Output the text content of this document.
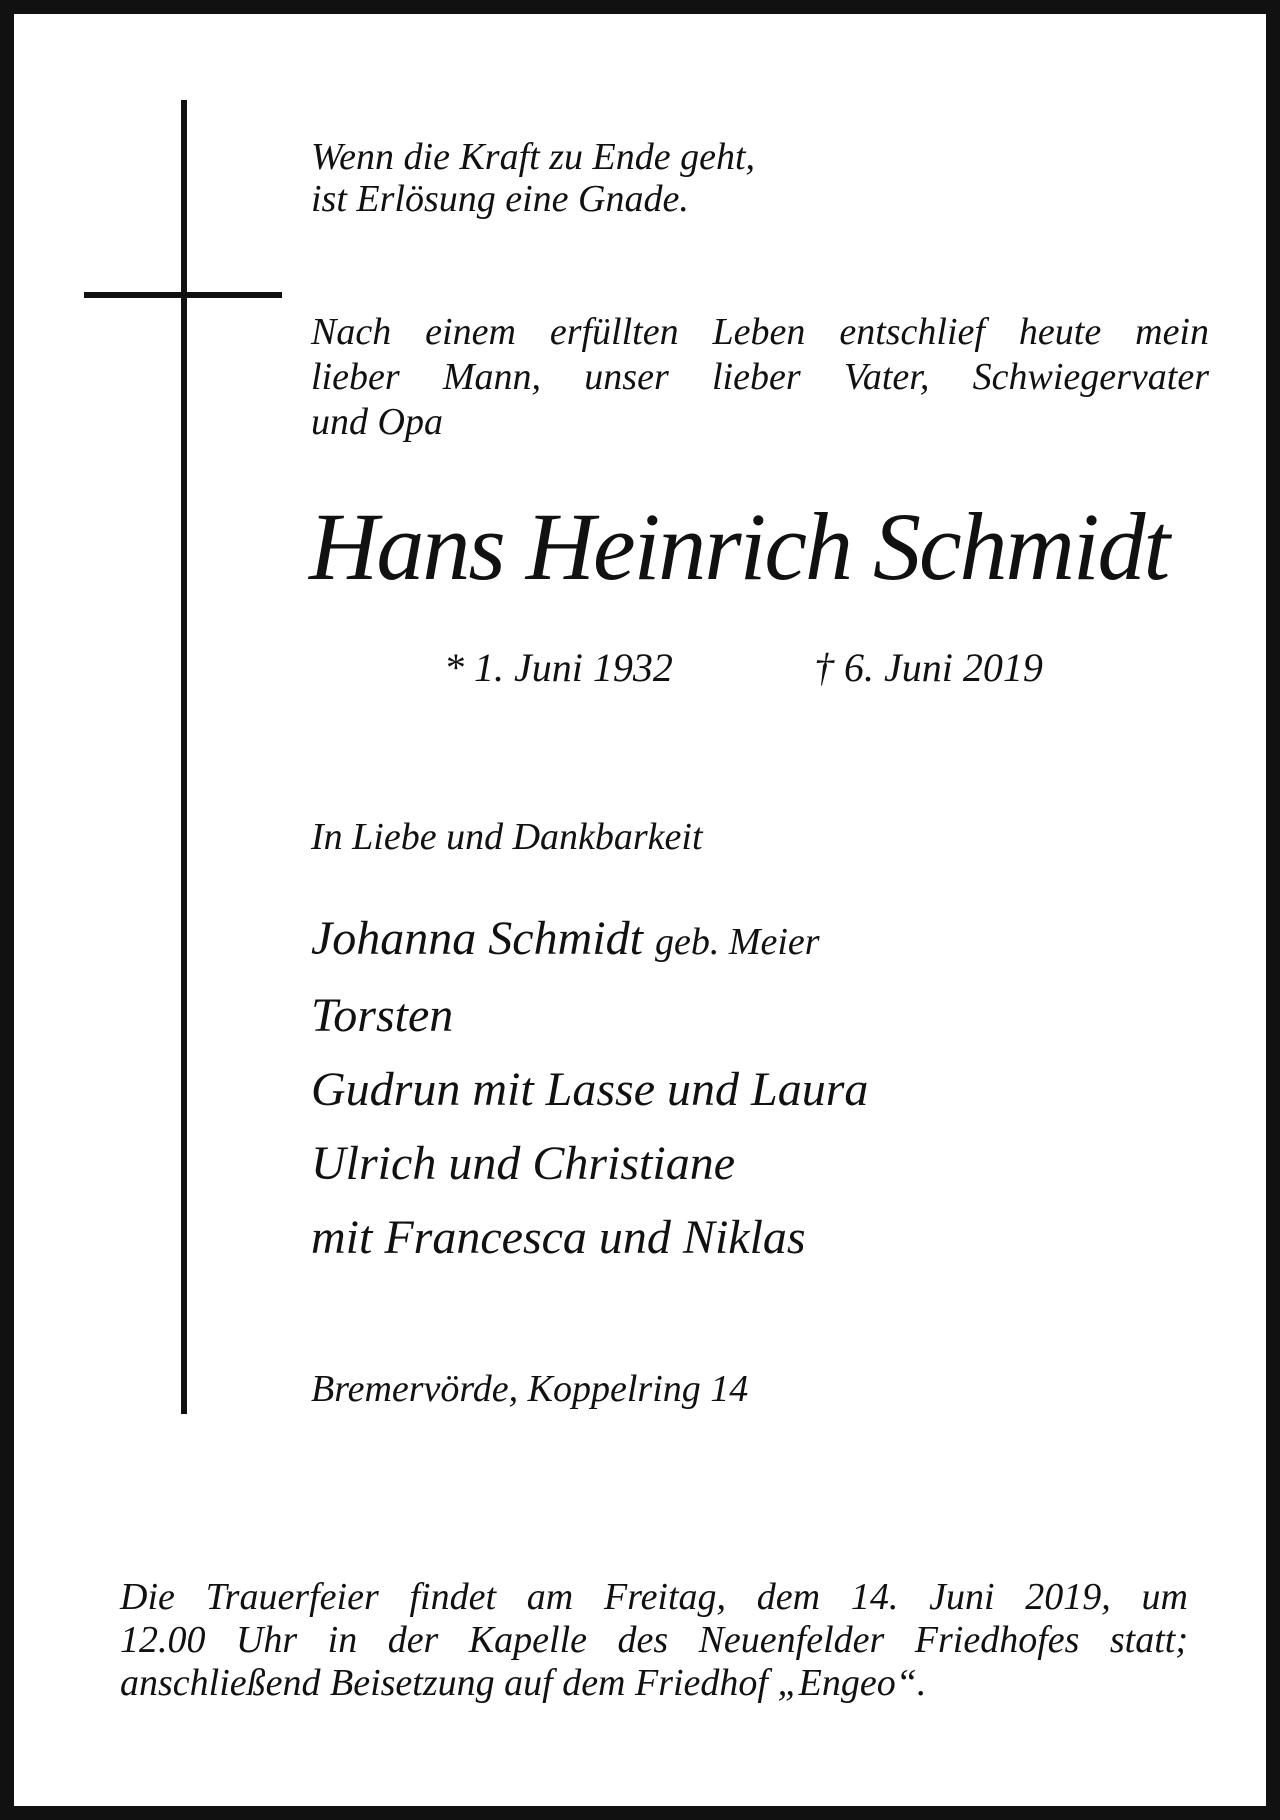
Wenn die Kraft zu Ende geht,
ist Erlösung eine Gnade.
Nach einem erfüllten Leben entschlief heute mein
lieber Mann, unser lieber Vater, Schwiegervater
und Opa
Hans Heinrich Schmidt
* 1. Juni 1932	† 6. Juni 2019
In Liebe und Dankbarkeit
Johanna Schmidt geb. Meier
Torsten
Gudrun mit Lasse und Laura
Ulrich und Christiane
mit Francesca und Niklas
Bremervörde, Koppelring 14
Die Trauerfeier findet am Freitag, dem 14. Juni 2019, um
12.00 Uhr in der Kapelle des Neuenfelder Friedhofes statt;
anschließend Beisetzung auf dem Friedhof „Engeo“.
